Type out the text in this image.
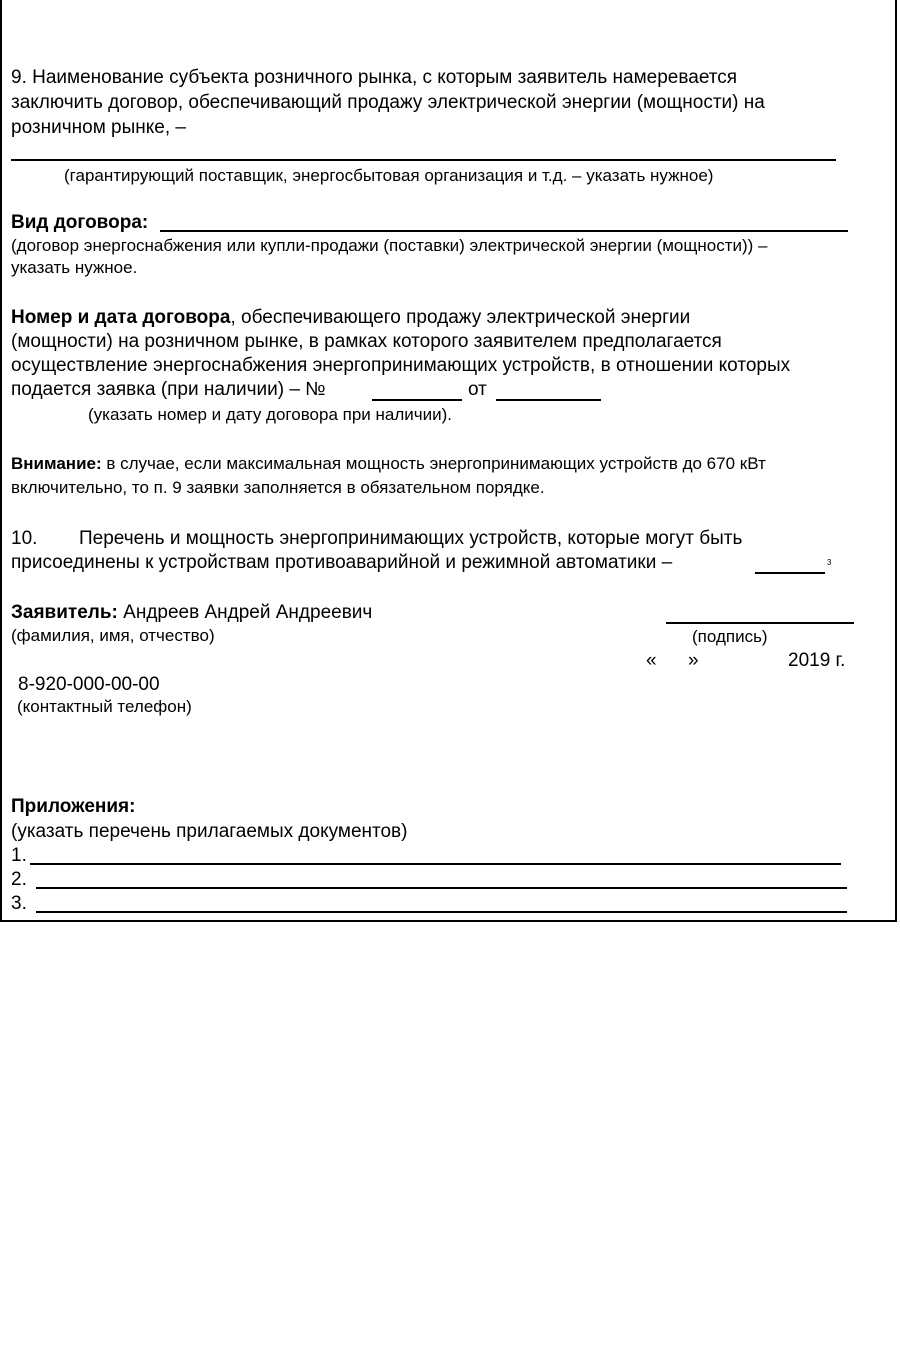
9. Наименование субъекта розничного рынка, с которым заявитель намеревается
заключить договор, обеспечивающий продажу электрической энергии (мощности) на
розничном рынке, –
(гарантирующий поставщик, энергосбытовая организация и т.д. – указать нужное)
Вид договора:
(договор энергоснабжения или купли-продажи (поставки) электрической энергии (мощности)) –
указать нужное.
Номер и дата договора, обеспечивающего продажу электрической энергии
(мощности) на розничном рынке, в рамках которого заявителем предполагается
осуществление энергоснабжения энергопринимающих устройств, в отношении которых
подается заявка (при наличии) – №	от
(указать номер и дату договора при наличии).
Внимание: в случае, если максимальная мощность энергопринимающих устройств до 670 кВт
включительно, то п. 9 заявки заполняется в обязательном порядке.
10. Перечень и мощность энергопринимающих устройств, которые могут быть
присоединены к устройствам противоаварийной и режимной автоматики –	3
Заявитель: Андреев Андрей Андреевич
(фамилия, имя, отчество)	(подпись)
« »	2019 г.
8-920-000-00-00
(контактный телефон)
Приложения:
(указать перечень прилагаемых документов)
1.
2.
3.
